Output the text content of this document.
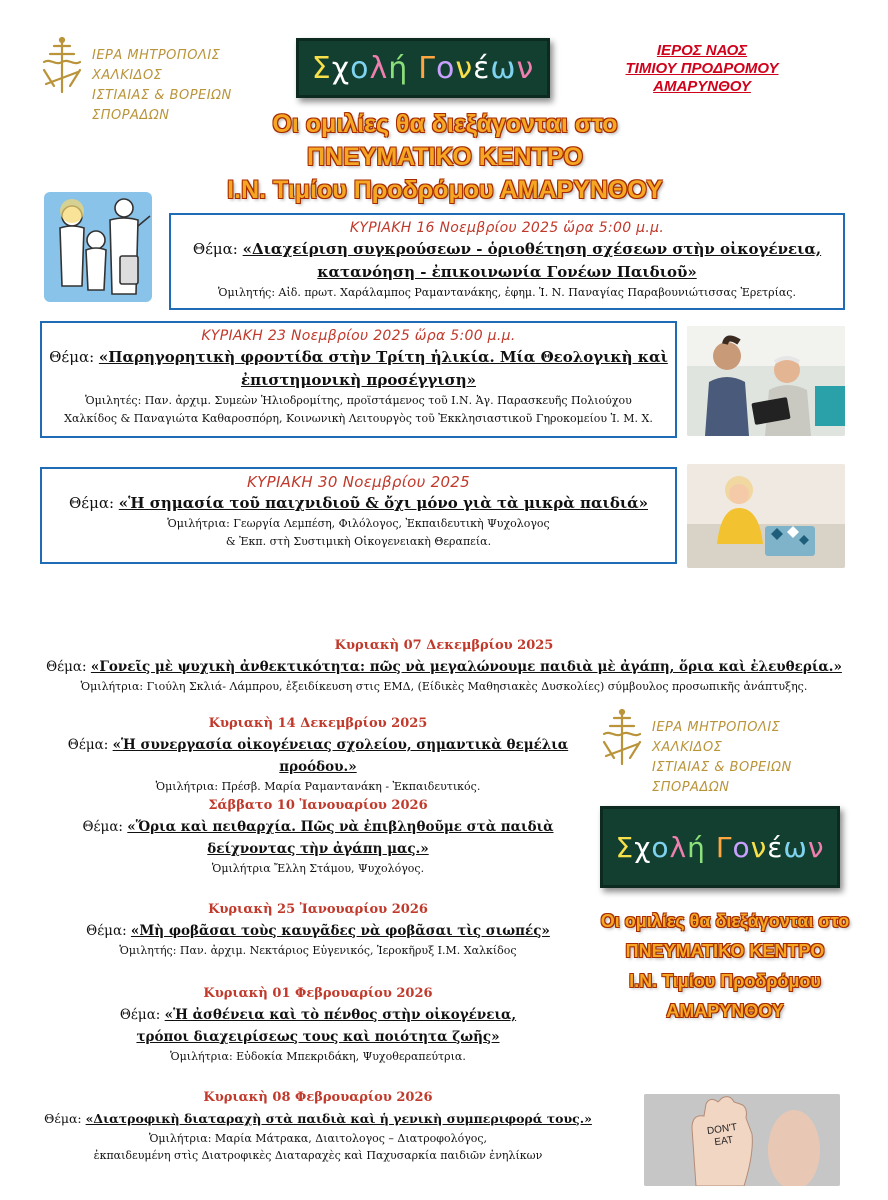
ΙΕΡΑ ΜΗΤΡΟΠΟΛΙΣ ΧΑΛΚΙΔΟΣ
ΙΣΤΙΑΙΑΣ & ΒΟΡΕΙΩΝ ΣΠΟΡΑΔΩΝ
Σχολή Γονέων	ΙΕΡΟΣ ΝΑΟΣ
ΤΙΜΙΟΥ ΠΡΟΔΡΟΜΟΥ
ΑΜΑΡΥΝΘΟΥ
Οι ομιλίες θα διεξάγονται στο
ΠΝΕΥΜΑΤΙΚΟ ΚΕΝΤΡΟ
Ι.Ν. Τιμίου Προδρόμου ΑΜΑΡΥΝΘΟΥ
ΚΥΡΙΑΚΗ 16 Νοεμβρίου 2025 ὥρα 5:00 μ.μ.
Θέμα: «Διαχείριση συγκρούσεων - ὁριοθέτηση σχέσεων στὴν οἰκογένεια,
κατανόηση - ἐπικοινωνία Γονέων Παιδιοῦ»
Ὁμιλητής: Αἰδ. πρωτ. Χαράλαμπος Ραμαντανάκης, ἐφημ. Ἱ. Ν. Παναγίας Παραβουνιώτισσας Ἐρετρίας.
ΚΥΡΙΑΚΗ 23 Νοεμβρίου 2025 ὥρα 5:00 μ.μ.
Θέμα: «Παρηγορητικὴ φροντίδα στὴν Τρίτη ἡλικία. Μία Θεολογικὴ καὶ
ἐπιστημονικὴ προσέγγιση»
Ὁμιλητές: Παν. ἀρχιμ. Συμεὼν Ἡλιοδρομίτης, προϊστάμενος τοῦ Ι.Ν. Ἁγ. Παρασκευῆς Πολιούχου
Χαλκίδος & Παναγιώτα Καθαροσπόρη, Κοινωνικὴ Λειτουργὸς τοῦ Ἐκκλησιαστικοῦ Γηροκομείου Ἱ. Μ. Χ.
ΚΥΡΙΑΚΗ 30 Νοεμβρίου 2025
Θέμα: «Ἡ σημασία τοῦ παιχνιδιοῦ & ὄχι μόνο γιὰ τὰ μικρὰ παιδιά»
Ὁμιλήτρια: Γεωργία Λεμπέση, Φιλόλογος, Ἐκπαιδευτικὴ Ψυχολογος
& Ἐκπ. στὴ Συστιμικὴ Οἰκογενειακὴ Θεραπεία.
Κυριακὴ 07 Δεκεμβρίου 2025
Θέμα: «Γονεῖς μὲ ψυχικὴ ἀνθεκτικότητα: πῶς νὰ μεγαλώνουμε παιδιὰ μὲ ἀγάπη, ὅρια καὶ ἐλευθερία.»
Ὁμιλήτρια: Γιούλη Σκλιά- Λάμπρου, ἐξειδίκευση στις ΕΜΔ, (Είδικὲς Μαθησιακὲς Δυσκολίες) σύμβουλος προσωπικῆς ἀνάπτυξης.
Κυριακὴ 14 Δεκεμβρίου 2025
Θέμα: «Ἡ συνεργασία οἰκογένειας σχολείου, σημαντικὰ θεμέλια προόδου.»
Ὁμιλήτρια: Πρέσβ. Μαρία Ραμαντανάκη - Ἐκπαιδευτικός.
Σάββατο 10 Ἰανουαρίου 2026
Θέμα: «Ὅρια καὶ πειθαρχία. Πῶς νὰ ἐπιβληθοῦμε στὰ παιδιὰ
δείχνοντας τὴν ἀγάπη μας.»
Ὁμιλήτρια Ἔλλη Στάμου, Ψυχολόγος.
Κυριακὴ 25 Ἰανουαρίου 2026
Θέμα: «Μὴ φοβᾶσαι τοὺς καυγᾶδες νὰ φοβᾶσαι τὶς σιωπές»
Ὁμιλητής: Παν. ἀρχιμ. Νεκτάριος Εὐγενικός, Ἱεροκῆρυξ Ι.Μ. Χαλκίδος
Κυριακὴ 01 Φεβρουαρίου 2026
Θέμα: «Ἡ ἀσθένεια καὶ τὸ πένθος στὴν οἰκογένεια,
τρόποι διαχειρίσεως τους καὶ ποιότητα ζωῆς»
Ὁμιλήτρια: Εὐδοκία Μπεκριδάκη, Ψυχοθεραπεύτρια.
Κυριακὴ 08 Φεβρουαρίου 2026
Θέμα: «Διατροφικὴ διαταραχὴ στὰ παιδιὰ καὶ ἡ γενικὴ συμπεριφορά τους.»
Ὁμιλήτρια: Μαρία Μάτρακα, Διαιτολογος – Διατροφολόγος,
ἐκπαιδευμένη στὶς Διατροφικὲς Διαταραχὲς καὶ Παχυσαρκία παιδιῶν ἐνηλίκων
ΙΕΡΑ ΜΗΤΡΟΠΟΛΙΣ ΧΑΛΚΙΔΟΣ
ΙΣΤΙΑΙΑΣ & ΒΟΡΕΙΩΝ ΣΠΟΡΑΔΩΝ
Σχολή Γονέων
Οι ομιλίες θα διεξάγονται στο
ΠΝΕΥΜΑΤΙΚΟ ΚΕΝΤΡΟ
Ι.Ν. Τιμίου Προδρόμου
ΑΜΑΡΥΝΘΟΥ
DON'T
EAT
